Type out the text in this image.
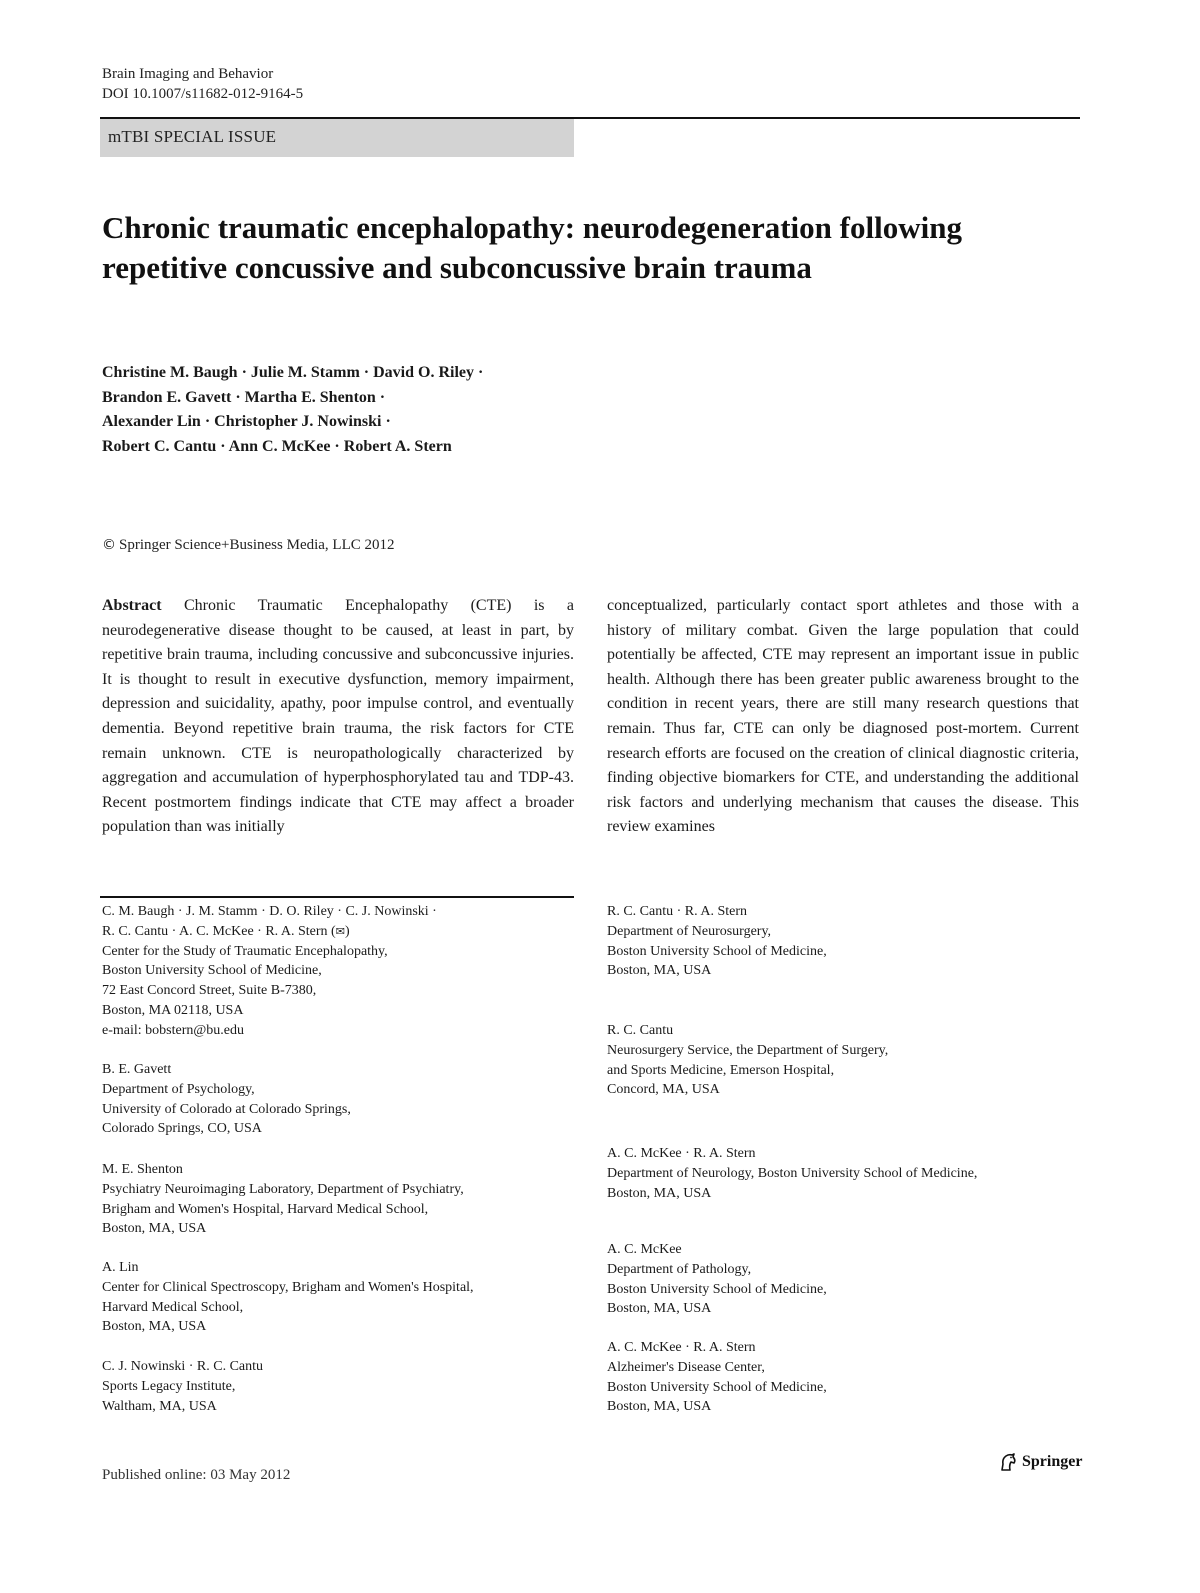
Brain Imaging and Behavior
DOI 10.1007/s11682-012-9164-5
mTBI SPECIAL ISSUE
Chronic traumatic encephalopathy: neurodegeneration following repetitive concussive and subconcussive brain trauma
Christine M. Baugh · Julie M. Stamm · David O. Riley ·
Brandon E. Gavett · Martha E. Shenton ·
Alexander Lin · Christopher J. Nowinski ·
Robert C. Cantu · Ann C. McKee · Robert A. Stern
© Springer Science+Business Media, LLC 2012

Abstract Chronic Traumatic Encephalopathy (CTE) is a neurodegenerative disease thought to be caused, at least in part, by repetitive brain trauma, including concussive and subconcussive injuries. It is thought to result in executive dysfunction, memory impairment, depression and suicidality, apathy, poor impulse control, and eventually dementia. Beyond repetitive brain trauma, the risk factors for CTE remain unknown. CTE is neuropathologically characterized by aggregation and accumulation of hyperphosphorylated tau and TDP-43. Recent postmortem findings indicate that CTE may affect a broader population than was initially

conceptualized, particularly contact sport athletes and those with a history of military combat. Given the large population that could potentially be affected, CTE may represent an important issue in public health. Although there has been greater public awareness brought to the condition in recent years, there are still many research questions that remain. Thus far, CTE can only be diagnosed post-mortem. Current research efforts are focused on the creation of clinical diagnostic criteria, finding objective biomarkers for CTE, and understanding the additional risk factors and underlying mechanism that causes the disease. This review examines

C. M. Baugh · J. M. Stamm · D. O. Riley · C. J. Nowinski ·
R. C. Cantu · A. C. McKee · R. A. Stern (✉)
Center for the Study of Traumatic Encephalopathy,
Boston University School of Medicine,
72 East Concord Street, Suite B-7380,
Boston, MA 02118, USA
e-mail: bobstern@bu.edu
B. E. Gavett
Department of Psychology,
University of Colorado at Colorado Springs,
Colorado Springs, CO, USA
M. E. Shenton
Psychiatry Neuroimaging Laboratory, Department of Psychiatry,
Brigham and Women's Hospital, Harvard Medical School,
Boston, MA, USA
A. Lin
Center for Clinical Spectroscopy, Brigham and Women's Hospital,
Harvard Medical School,
Boston, MA, USA
C. J. Nowinski · R. C. Cantu
Sports Legacy Institute,
Waltham, MA, USA
R. C. Cantu · R. A. Stern
Department of Neurosurgery,
Boston University School of Medicine,
Boston, MA, USA
R. C. Cantu
Neurosurgery Service, the Department of Surgery,
and Sports Medicine, Emerson Hospital,
Concord, MA, USA
A. C. McKee · R. A. Stern
Department of Neurology, Boston University School of Medicine,
Boston, MA, USA
A. C. McKee
Department of Pathology,
Boston University School of Medicine,
Boston, MA, USA
A. C. McKee · R. A. Stern
Alzheimer's Disease Center,
Boston University School of Medicine,
Boston, MA, USA
Published online: 03 May 2012
Springer
